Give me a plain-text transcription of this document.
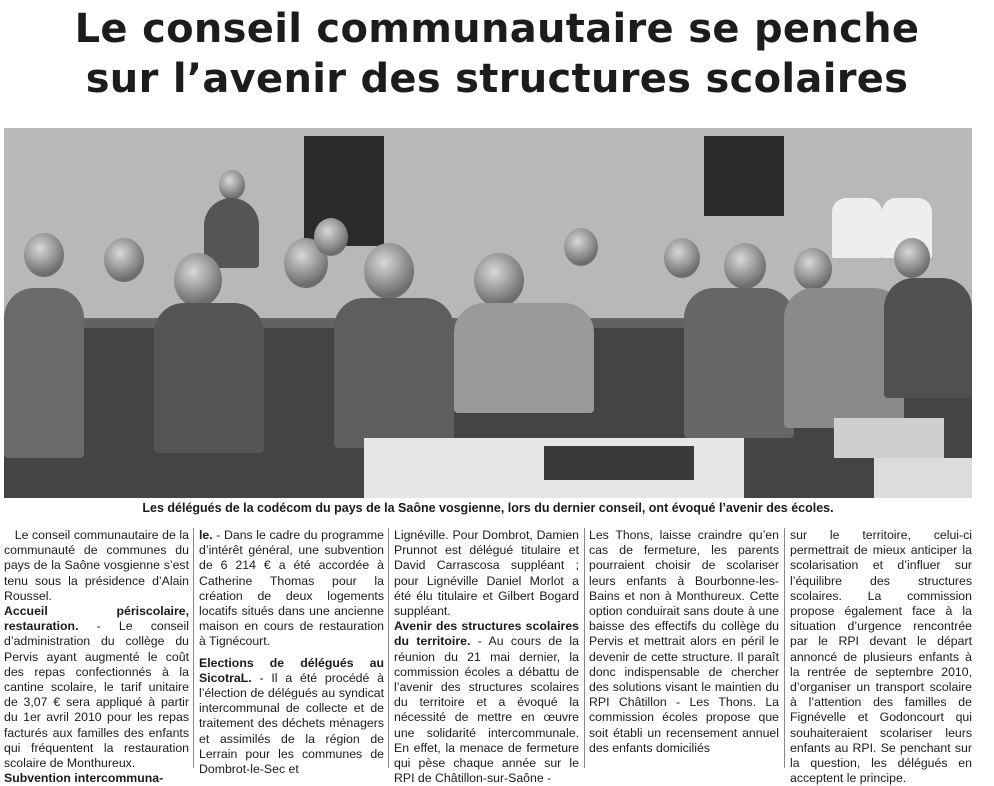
Le conseil communautaire se penche
sur l’avenir des structures scolaires
Les délégués de la codécom du pays de la Saône vosgienne, lors du dernier conseil, ont évoqué l’avenir des écoles.

Le conseil communautaire de la communauté de communes du pays de la Saône vosgienne s’est tenu sous la présidence d’Alain Roussel.

Accueil périscolaire, restauration. - Le conseil d’administration du collège du Pervis ayant augmenté le coût des repas confectionnés à la cantine scolaire, le tarif unitaire de 3,07 € sera appliqué à partir du 1er avril 2010 pour les repas facturés aux familles des enfants qui fréquentent la restauration scolaire de Monthureux.

Subvention intercommuna-

le. - Dans le cadre du programme d’intérêt général, une subvention de 6 214 € a été accordée à Catherine Thomas pour la création de deux logements locatifs situés dans une ancienne maison en cours de restauration à Tignécourt.

Elections de délégués au SicotraL. - Il a été procédé à l’élection de délégués au syndicat intercommunal de collecte et de traitement des déchets ménagers et assimilés de la région de Lerrain pour les communes de Dombrot-le-Sec et

Lignéville. Pour Dombrot, Damien Prunnot est délégué titulaire et David Carrascosa suppléant ; pour Lignéville Daniel Morlot a été élu titulaire et Gilbert Bogard suppléant.

Avenir des structures scolaires du territoire. - Au cours de la réunion du 21 mai dernier, la commission écoles a débattu de l’avenir des structures scolaires du territoire et a évoqué la nécessité de mettre en œuvre une solidarité intercommunale. En effet, la menace de fermeture qui pèse chaque année sur le RPI de Châtillon-sur-Saône -

Les Thons, laisse craindre qu’en cas de fermeture, les parents pourraient choisir de scolariser leurs enfants à Bourbonne-les-Bains et non à Monthureux. Cette option conduirait sans doute à une baisse des effectifs du collège du Pervis et mettrait alors en péril le devenir de cette structure. Il paraît donc indispensable de chercher des solutions visant le maintien du RPI Châtillon - Les Thons. La commission écoles propose que soit établi un recensement annuel des enfants domiciliés

sur le territoire, celui-ci permettrait de mieux anticiper la scolarisation et d’influer sur l’équilibre des structures scolaires. La commission propose également face à la situation d’urgence rencontrée par le RPI devant le départ annoncé de plusieurs enfants à la rentrée de septembre 2010, d’organiser un transport scolaire à l’attention des familles de Fignévelle et Godoncourt qui souhaiteraient scolariser leurs enfants au RPI. Se penchant sur la question, les délégués en acceptent le principe.
